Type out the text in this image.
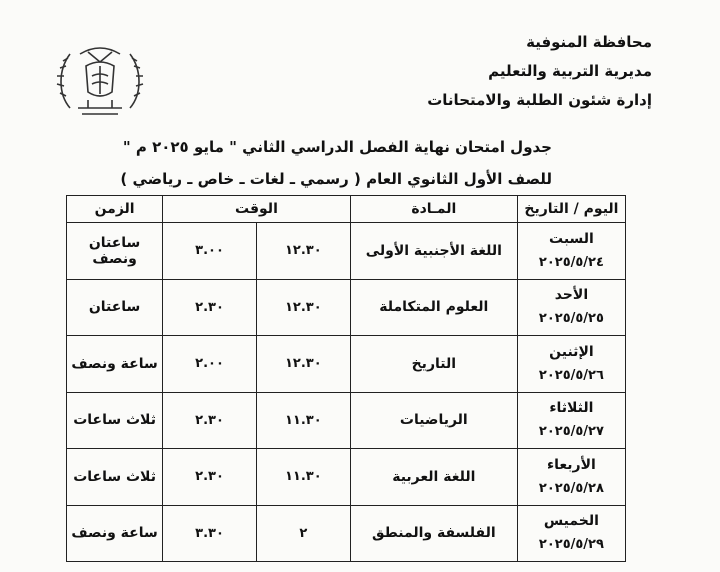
محافظة المنوفية
مديرية التربية والتعليم
إدارة شئون الطلبة والامتحانات
جدول امتحان نهاية الفصل الدراسي الثاني " مايو ٢٠٢٥ م "
للصف الأول الثانوي العام ( رسمي ـ لغات ـ خاص ـ رياضي )
اليوم / التاريخ	المـادة	الوقت		الزمن

السبت
٢٠٢٥/٥/٢٤	اللغة الأجنبية الأولى	١٢.٣٠	٣.٠٠	ساعتان ونصف

الأحد
٢٠٢٥/٥/٢٥	العلوم المتكاملة	١٢.٣٠	٢.٣٠	ساعتان

الإثنين
٢٠٢٥/٥/٢٦	التاريخ	١٢.٣٠	٢.٠٠	ساعة ونصف

الثلاثاء
٢٠٢٥/٥/٢٧	الرياضيات	١١.٣٠	٢.٣٠	ثلاث ساعات

الأربعاء
٢٠٢٥/٥/٢٨	اللغة العربية	١١.٣٠	٢.٣٠	ثلاث ساعات

الخميس
٢٠٢٥/٥/٢٩	الفلسفة والمنطق	٢	٣.٣٠	ساعة ونصف
